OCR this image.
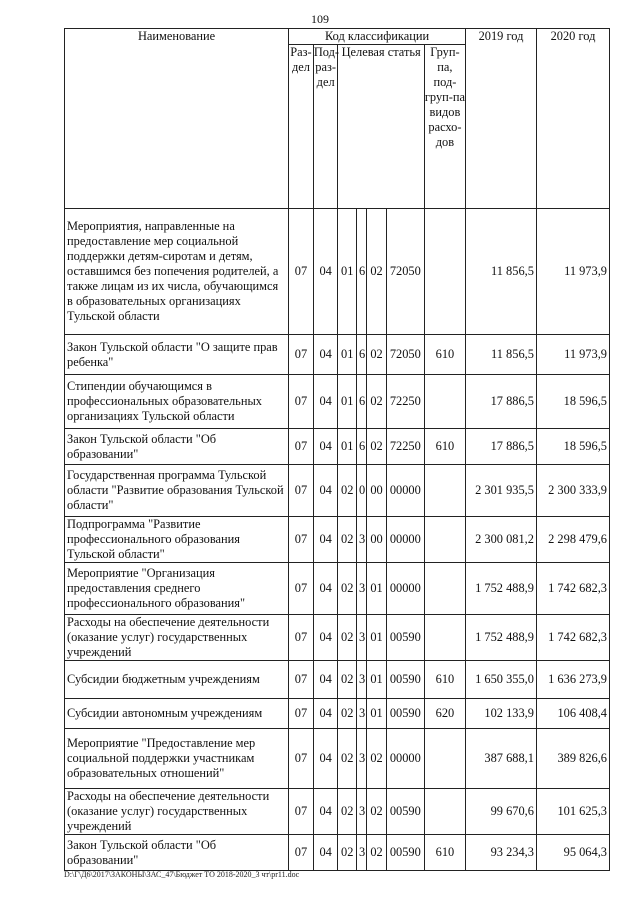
109
Наименование	Код классификации							2019 год	2020 год
	Раз-дел	Под-раз-дел	Целевая статья				Груп-па, под-груп-па видов расхо-дов		
Мероприятия, направленные на предоставление мер социальной поддержки детям-сиротам и детям, оставшимся без попечения родителей, а также лицам из их числа, обучающимся в образовательных организациях Тульской области	07	04	01	6	02	72050		11 856,5	11 973,9
Закон Тульской области "О защите прав ребенка"	07	04	01	6	02	72050	610	11 856,5	11 973,9
Стипендии обучающимся в профессиональных образовательных организациях Тульской области	07	04	01	6	02	72250		17 886,5	18 596,5
Закон Тульской области "Об образовании"	07	04	01	6	02	72250	610	17 886,5	18 596,5
Государственная программа Тульской области "Развитие образования Тульской области"	07	04	02	0	00	00000		2 301 935,5	2 300 333,9
Подпрограмма "Развитие профессионального образования Тульской области"	07	04	02	3	00	00000		2 300 081,2	2 298 479,6
Мероприятие "Организация предоставления среднего профессионального образования"	07	04	02	3	01	00000		1 752 488,9	1 742 682,3
Расходы на обеспечение деятельности (оказание услуг) государственных учреждений	07	04	02	3	01	00590		1 752 488,9	1 742 682,3
Субсидии бюджетным учреждениям	07	04	02	3	01	00590	610	1 650 355,0	1 636 273,9
Субсидии автономным учреждениям	07	04	02	3	01	00590	620	102 133,9	106 408,4
Мероприятие "Предоставление мер социальной поддержки участникам образовательных отношений"	07	04	02	3	02	00000		387 688,1	389 826,6
Расходы на обеспечение деятельности (оказание услуг) государственных учреждений	07	04	02	3	02	00590		99 670,6	101 625,3
Закон Тульской области "Об образовании"	07	04	02	3	02	00590	610	93 234,3	95 064,3
D:\Г\Д6\2017\ЗАКОНЫ\ЗАС_47\Бюджет ТО 2018-2020_3 чт\pr11.doc
